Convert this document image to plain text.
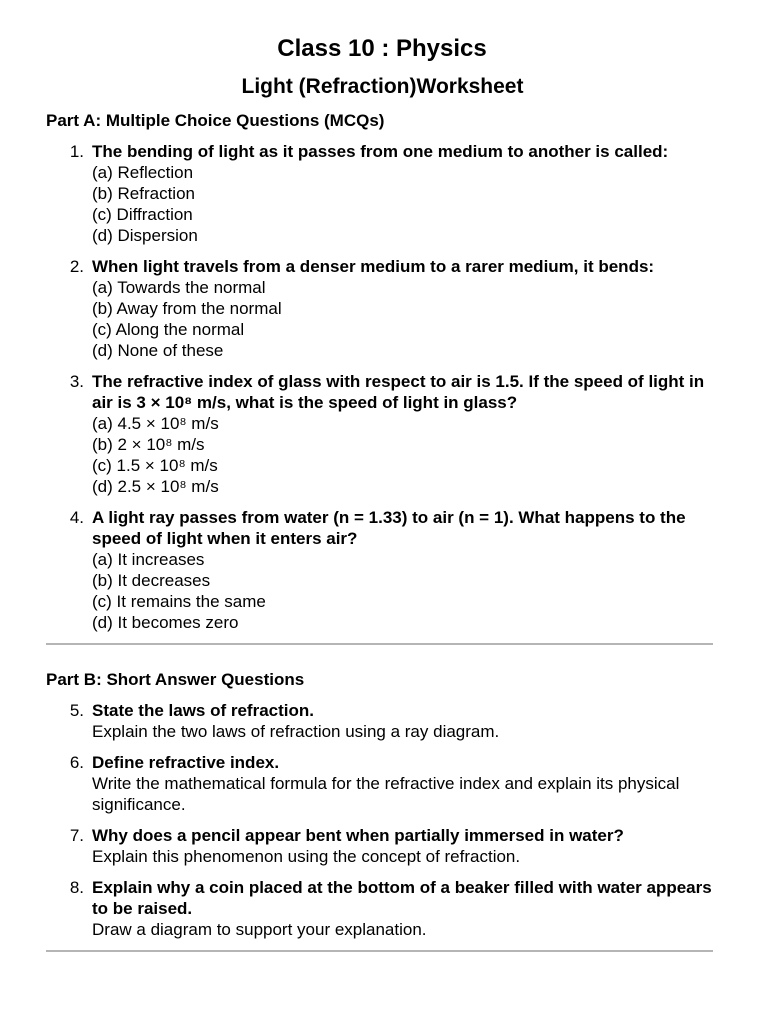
Class 10 : Physics
Light (Refraction)Worksheet
Part A: Multiple Choice Questions (MCQs)
1. The bending of light as it passes from one medium to another is called:
(a) Reflection
(b) Refraction
(c) Diffraction
(d) Dispersion
2. When light travels from a denser medium to a rarer medium, it bends:
(a) Towards the normal
(b) Away from the normal
(c) Along the normal
(d) None of these
3. The refractive index of glass with respect to air is 1.5. If the speed of light in air is 3 × 10⁸ m/s, what is the speed of light in glass?
(a) 4.5 × 10⁸ m/s
(b) 2 × 10⁸ m/s
(c) 1.5 × 10⁸ m/s
(d) 2.5 × 10⁸ m/s
4. A light ray passes from water (n = 1.33) to air (n = 1). What happens to the speed of light when it enters air?
(a) It increases
(b) It decreases
(c) It remains the same
(d) It becomes zero
Part B: Short Answer Questions
5. State the laws of refraction.
Explain the two laws of refraction using a ray diagram.
6. Define refractive index.
Write the mathematical formula for the refractive index and explain its physical significance.
7. Why does a pencil appear bent when partially immersed in water?
Explain this phenomenon using the concept of refraction.
8. Explain why a coin placed at the bottom of a beaker filled with water appears to be raised.
Draw a diagram to support your explanation.
